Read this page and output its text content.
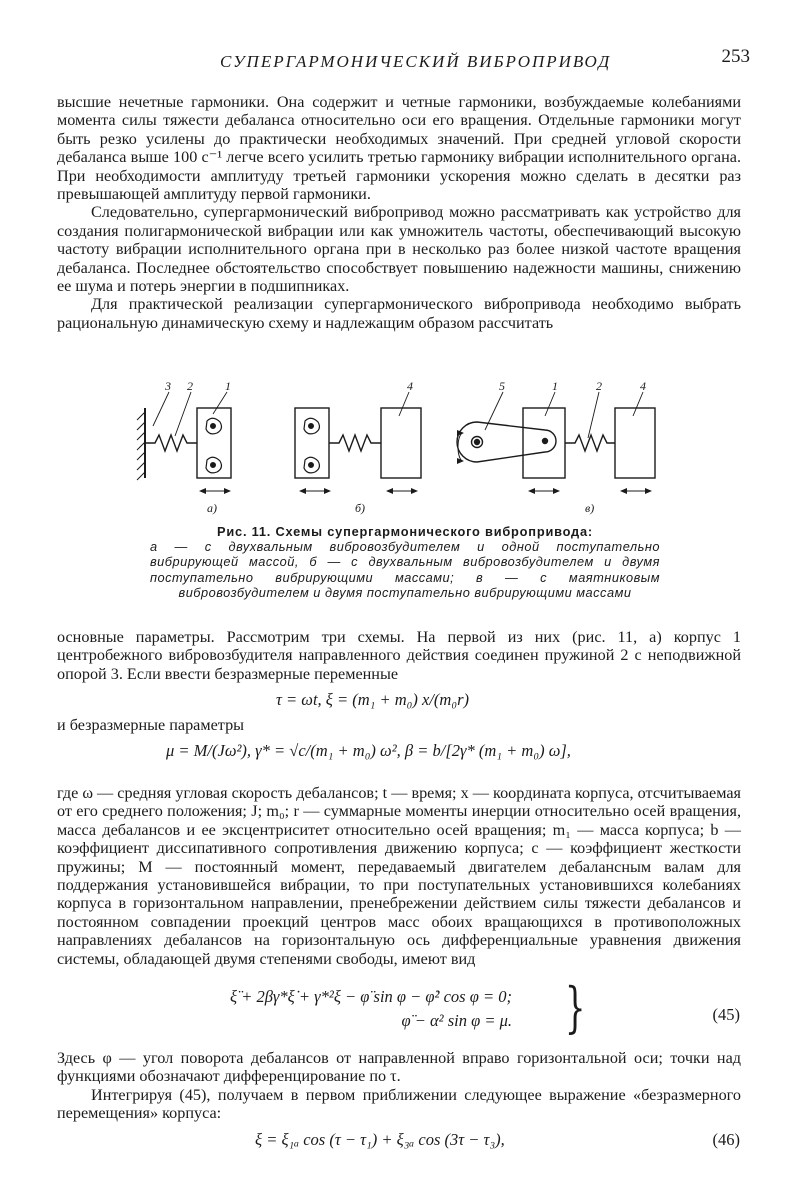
СУПЕРГАРМОНИЧЕСКИЙ ВИБРОПРИВОД	253

высшие нечетные гармоники. Она содержит и четные гармоники, возбуждаемые колебаниями момента силы тяжести дебаланса относительно оси его вращения. Отдельные гармоники могут быть резко усилены до практически необходимых значений. При средней угловой скорости дебаланса выше 100 с⁻¹ легче всего усилить третью гармонику вибрации исполнительного органа. При необходимости амплитуду третьей гармоники ускорения можно сделать в десятки раз превышающей амплитуду первой гармоники.

Следовательно, супергармонический вибропривод можно рассматривать как устройство для создания полигармонической вибрации или как умножитель частоты, обеспечивающий высокую частоту вибрации исполнительного органа при в несколько раз более низкой частоте вращения дебаланса. Последнее обстоятельство способствует повышению надежности машины, снижению ее шума и потерь энергии в подшипниках.

Для практической реализации супергармонического вибропривода необходимо выбрать рациональную динамическую схему и надлежащим образом рассчитать

3 2	1	4	5	1	2	4
а)	б)	в)
Рис. 11. Схемы супергармонического вибропривода:
а — с двухвальным вибровозбудителем и одной поступательно вибрирующей массой, б — с двухвальным вибровозбудителем и двумя поступательно вибрирующими массами; в — с маятниковым вибровозбудителем и двумя поступательно вибрирующими массами

основные параметры. Рассмотрим три схемы. На первой из них (рис. 11, а) корпус 1 центробежного вибровозбудителя направленного действия соединен пружиной 2 с неподвижной опорой 3. Если ввести безразмерные переменные

τ = ωt, ξ = (m₁ + m₀) x/(m₀r)
и безразмерные параметры
μ = M/(Jω²), γ* = √c/(m₁ + m₀) ω², β = b/[2γ* (m₁ + m₀) ω],

где ω — средняя угловая скорость дебалансов; t — время; x — координата корпуса, отсчитываемая от его среднего положения; J; m₀; r — суммарные моменты инерции относительно осей вращения, масса дебалансов и ее эксцентриситет относительно осей вращения; m₁ — масса корпуса; b — коэффициент диссипативного сопротивления движению корпуса; c — коэффициент жесткости пружины; M — постоянный момент, передаваемый двигателем дебалансным валам для поддержания установившейся вибрации, то при поступательных установившихся колебаниях корпуса в горизонтальном направлении, пренебрежении действием силы тяжести дебалансов и постоянном совпадении проекций центров масс обоих вращающихся в противоположных направлениях дебалансов на горизонтальную ось дифференциальные уравнения движения системы, обладающей двумя степенями свободы, имеют вид

ξ̈ + 2βγ*ξ̇ + γ*²ξ − φ̈ sin φ − φ̇² cos φ = 0;
φ̈ − α² sin φ = μ. }	(45)

Здесь φ — угол поворота дебалансов от направленной вправо горизонтальной оси; точки над функциями обозначают дифференцирование по τ.

Интегрируя (45), получаем в первом приближении следующее выражение «безразмерного перемещения» корпуса:

ξ = ξ₁ₐ cos (τ − τ₁) + ξ₃ₐ cos (3τ − τ₃),	(46)
